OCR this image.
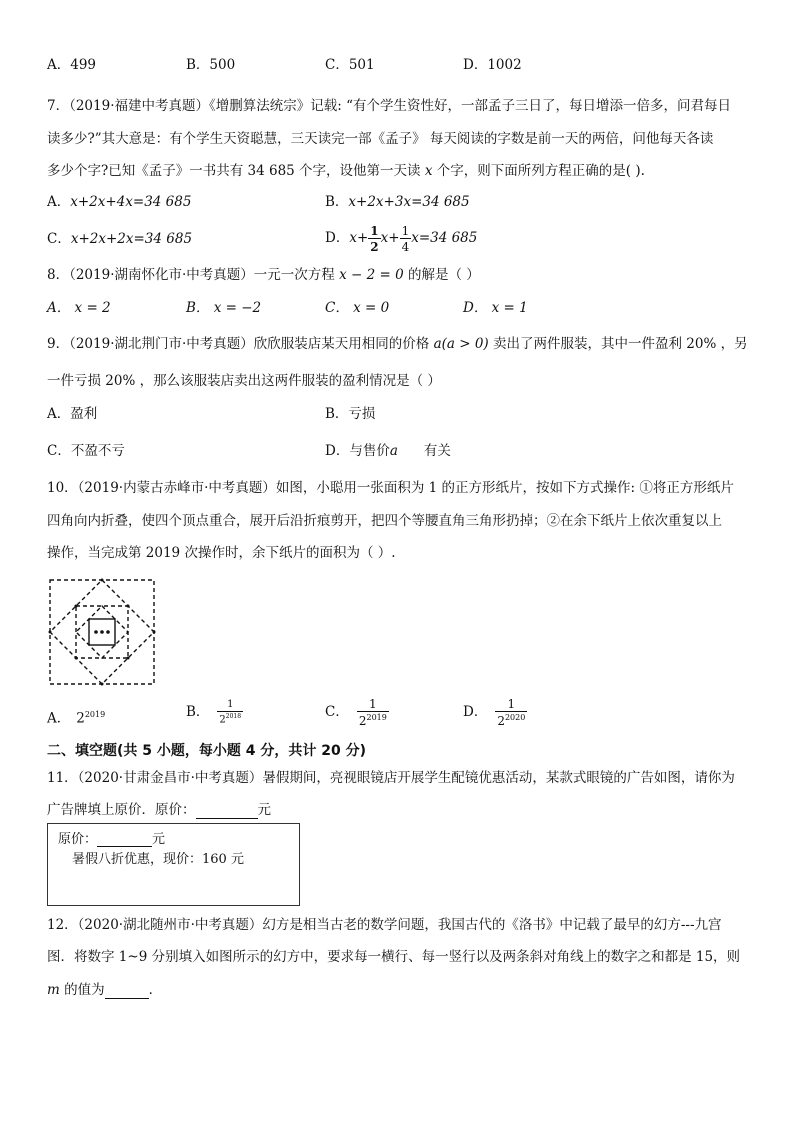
A．499	B．500	C．501	D．1002
7．（2019·福建中考真题）《增删算法统宗》记载: “有个学生资性好，一部孟子三日了，每日增添一倍多，问君每日
读多少?”其大意是：有个学生天资聪慧，三天读完一部《孟子》 每天阅读的字数是前一天的两倍，问他每天各读
多少个字?已知《孟子》一书共有 34 685 个字，设他第一天读 x 个字，则下面所列方程正确的是( ).
A．x+2x+4x=34 685	B．x+2x+3x=34 685
C．x+2x+2x=34 685	D．$x+ \frac{1}{2} x+ \frac{1}{4} x=34$ 685
8．（2019·湖南怀化市·中考真题）一元一次方程 x − 2 = 0 的解是（ ）
A． x = 2	B． x = −2	C． x = 0	D． x = 1
9．（2019·湖北荆门市·中考真题）欣欣服装店某天用相同的价格 a(a > 0) 卖出了两件服装，其中一件盈利 20% ，另
一件亏损 20% ，那么该服装店卖出这两件服装的盈利情况是（ ）
A．盈利	B．亏损
C．不盈不亏	D．与售价a 有关
10．（2019·内蒙古赤峰市·中考真题）如图，小聪用一张面积为 1 的正方形纸片，按如下方式操作: ①将正方形纸片
四角向内折叠，使四个顶点重合，展开后沿折痕剪开，把四个等腰直角三角形扔掉；②在余下纸片上依次重复以上
操作，当完成第 2019 次操作时，余下纸片的面积为（ ）.
A． $2^{2019}$	B． $\frac{1}{2^{2018}}$	C． $\frac{1}{2^{2019}}$	D． $\frac{1}{2^{2020}}$
二、填空题(共 5 小题，每小题 4 分，共计 20 分)
11．（2020·甘肃金昌市·中考真题）暑假期间，亮视眼镜店开展学生配镜优惠活动，某款式眼镜的广告如图，请你为
广告牌填上原价．原价：	元
原价：	元
暑假八折优惠，现价：160 元
12．（2020·湖北随州市·中考真题）幻方是相当古老的数学问题，我国古代的《洛书》中记载了最早的幻方---九宫
图．将数字 1~9 分别填入如图所示的幻方中，要求每一横行、每一竖行以及两条斜对角线上的数字之和都是 15，则
m 的值为	．
